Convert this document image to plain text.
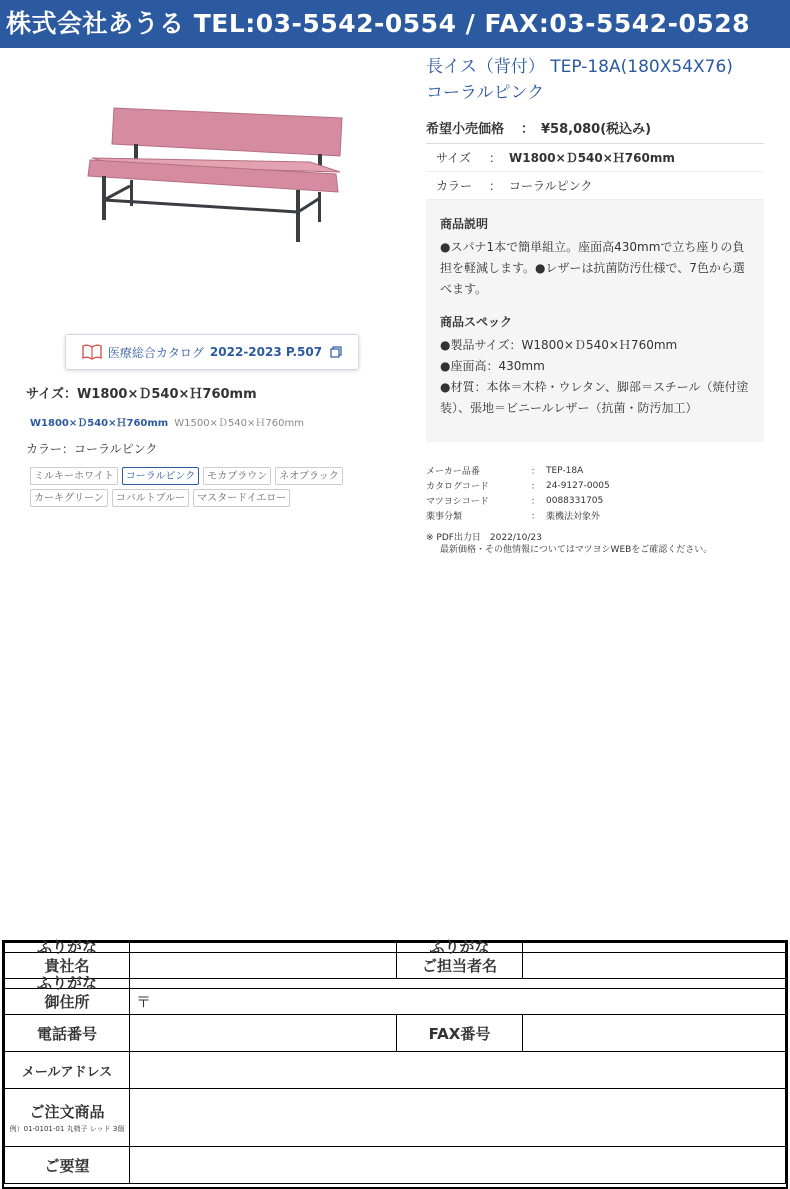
株式会社あうる TEL:03-5542-0554 / FAX:03-5542-0528
長イス（背付） TEP-18A(180X54X76)
コーラルピンク
希望小売価格	： ¥58,080(税込み)
サイズ	： W1800×Ｄ540×Ｈ760mm
カラー	： コーラルピンク
商品説明

●スパナ1本で簡単組立。座面高430mmで立ち座りの負担を軽減します。●レザーは抗菌防汚仕様で、7色から選べます。

商品スペック
●製品サイズ：W1800×Ｄ540×Ｈ760mm
●座面高：430mm
●材質：本体＝木枠・ウレタン、脚部＝スチール（焼付塗装）、張地＝ビニールレザー（抗菌・防汚加工）
メーカー品番	： TEP-18A
カタログコード	： 24-9127-0005
マツヨシコード	： 0088331705
薬事分類	： 薬機法対象外
※ PDF出力日　2022/10/23
最新価格・その他情報についてはマツヨシWEBをご確認ください。
医療総合カタログ 2022-2023 P.507
サイズ：W1800×Ｄ540×Ｈ760mm
W1800×Ｄ540×Ｈ760mm W1500×Ｄ540×Ｈ760mm
カラー：コーラルピンク
ミルキーホワイト	コーラルピンク	モカブラウン	ネオブラック
カーキグリーン	コバルトブルー	マスタードイエロー
ふりがな		ふりがな	
貴社名		ご担当者名	
ふりがな			
御住所	〒		
電話番号		FAX番号	
メールアドレス			

ご注文商品
例）01-0101-01 丸椅子 レッド 3個			

ご要望			
